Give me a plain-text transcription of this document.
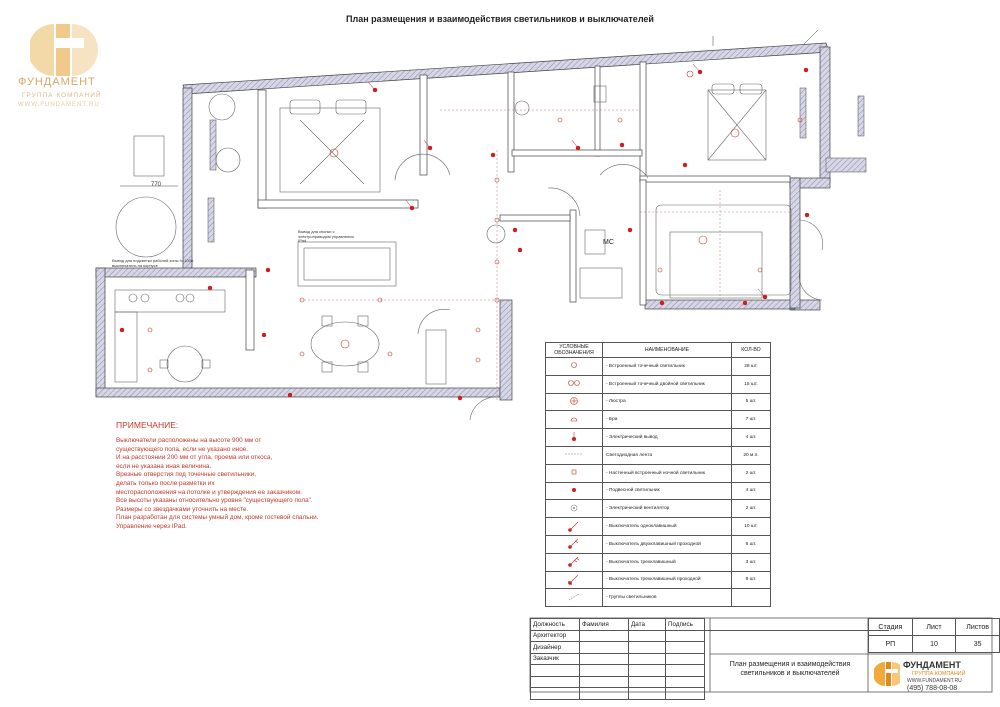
План размещения и взаимодействия светильников и выключателей
ФУНДАМЕНТ
ГРУППА КОМПАНИЙ
WWW.FUNDAMENT.RU
Вывод для подсветки рабочей зоны h=1000, выключатель на корпусе
Вывод для кнопки с электроприводом управления IPad	МС
770
ПРИМЕЧАНИЕ:
Выключатели расположены на высоте 900 мм от
существующего пола, если не указано иное.
И на расстоянии 200 мм от угла, проема или откоса,
если не указана иная величина.
Врезные отверстия под точечные светильники,
делать только после разметки их
месторасположения на потолке и утверждения ее заказчиком.
Все высоты указаны относительно уровня "существующего пола".
Размеры со звездачками уточнить на месте.
План разработан для системы умный дом, кроме гостевой спальни.
Управление через IPad.
УСЛОВНЫЕ ОБОЗНАЧЕНИЯ	НАИМЕНОВАНИЕ	КОЛ-ВО
	- Встроенный точечный светильник	28 шт.
	- Встроенный точечный двойной светильник	15 шт.
	- Люстра	5 шт.
	- Бра	7 шт.
	- Электрический вывод	4 шт.
	Светодиодная лента	20 м.п.
	- Настенный встроенный ночной светильник	2 шт.
	- Подвесной светильник	4 шт.
	- Электрический вентилятор	2 шт.
	- Выключатель одноклавишный	10 шт.
	- Выключатель двухклавишный проходной	6 шт.
	- Выключатель трехклавишный	3 шт.
	- Выключатель трехклавишный проходной	8 шт.
	- Группы светильников	
Должность	Фамилия	Дата	Подпись	
Архитектор				
Дизайнер				
Заказчик				

Стадия	Лист	Листов
РП	10	35
План размещения и взаимодействия
светильников и выключателей
ФУНДАМЕНТ
ГРУППА КОМПАНИЙ
WWW.FUNDAMENT.RU
(495) 788-08-08
